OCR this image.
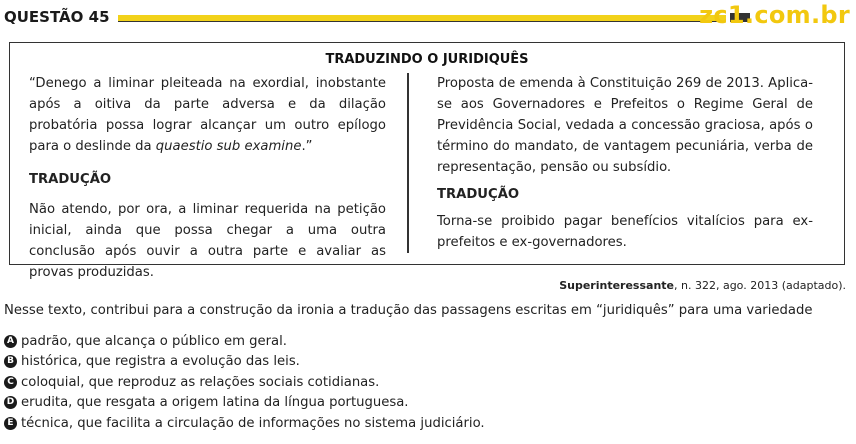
QUESTÃO 45	zc1.com.br
TRADUZINDO O JURIDIQUÊS

“Denego a liminar pleiteada na exordial, inobstante após a oitiva da parte adversa e da dilação probatória possa lograr alcançar um outro epílogo para o deslinde da quaestio sub examine.”

TRADUÇÃO

Não atendo, por ora, a liminar requerida na petição inicial, ainda que possa chegar a uma outra conclusão após ouvir a outra parte e avaliar as provas produzidas.

Proposta de emenda à Constituição 269 de 2013. Aplica-se aos Governadores e Prefeitos o Regime Geral de Previdência Social, vedada a concessão graciosa, após o término do mandato, de vantagem pecuniária, verba de representação, pensão ou subsídio.

TRADUÇÃO

Torna-se proibido pagar benefícios vitalícios para ex-prefeitos e ex-governadores.

Superinteressante, n. 322, ago. 2013 (adaptado).
Nesse texto, contribui para a construção da ironia a tradução das passagens escritas em “juridiquês” para uma variedade
A padrão, que alcança o público em geral.
B histórica, que registra a evolução das leis.
C coloquial, que reproduz as relações sociais cotidianas.
D erudita, que resgata a origem latina da língua portuguesa.
E técnica, que facilita a circulação de informações no sistema judiciário.
